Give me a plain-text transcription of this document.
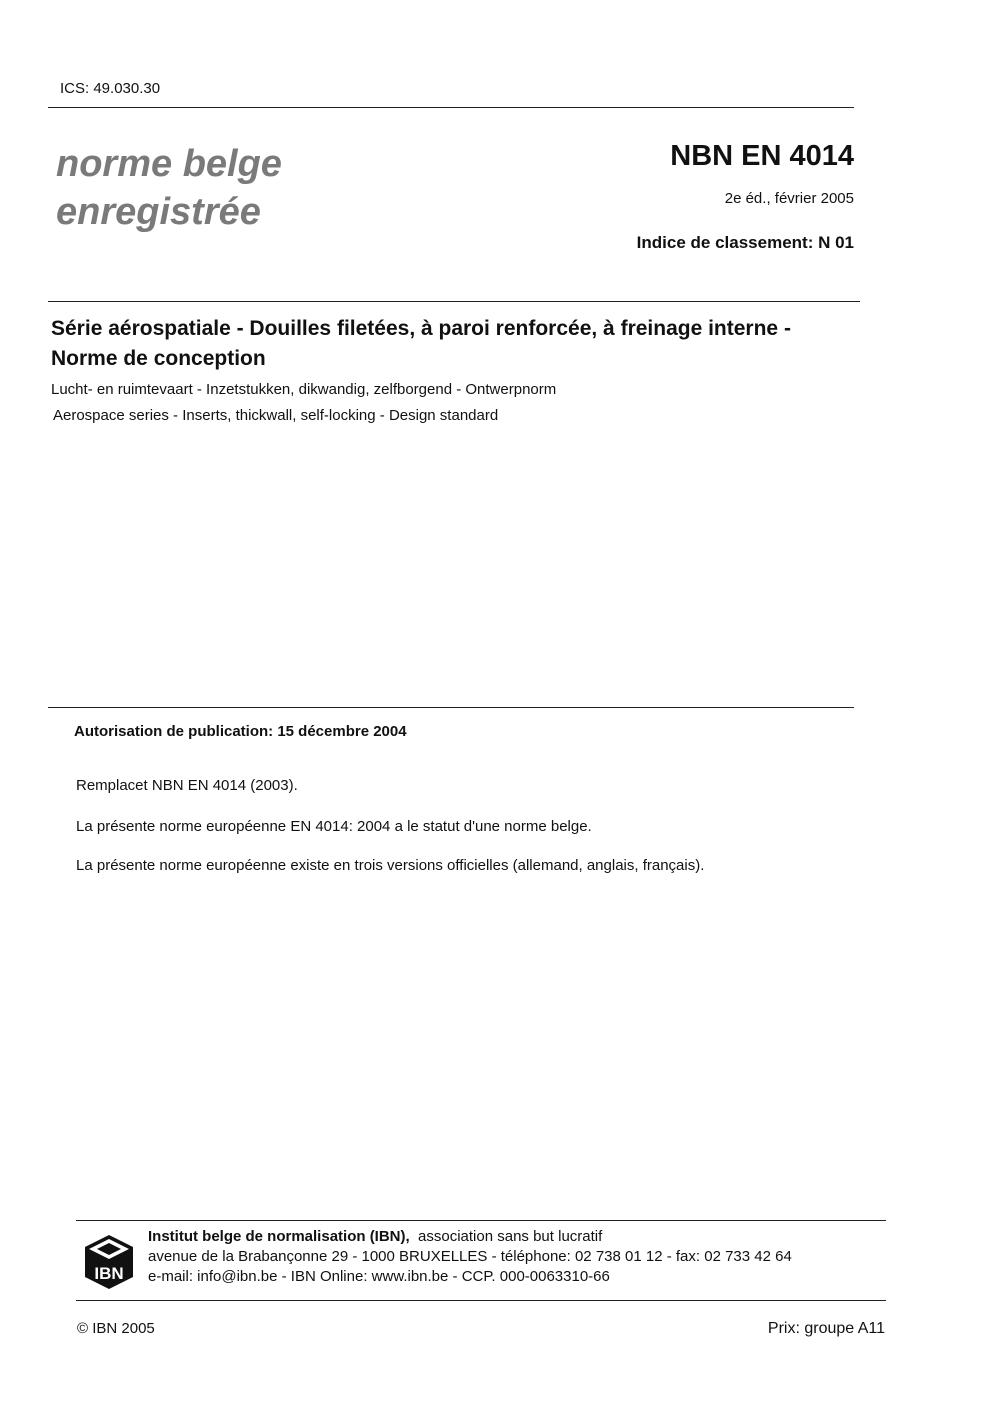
ICS: 49.030.30
norme belge
enregistrée
NBN EN 4014
2e éd., février 2005
Indice de classement: N 01
Série aérospatiale - Douilles filetées, à paroi renforcée, à freinage interne - Norme de conception
Lucht- en ruimtevaart - Inzetstukken, dikwandig, zelfborgend - Ontwerpnorm
Aerospace series - Inserts, thickwall, self-locking - Design standard
Autorisation de publication: 15 décembre 2004
Remplacet NBN EN 4014 (2003).
La présente norme européenne EN 4014: 2004 a le statut d'une norme belge.
La présente norme européenne existe en trois versions officielles (allemand, anglais, français).
IBN
Institut belge de normalisation (IBN), association sans but lucratif
avenue de la Brabançonne 29 - 1000 BRUXELLES - téléphone: 02 738 01 12 - fax: 02 733 42 64
e-mail: info@ibn.be - IBN Online: www.ibn.be - CCP. 000-0063310-66
© IBN 2005	Prix: groupe A11
